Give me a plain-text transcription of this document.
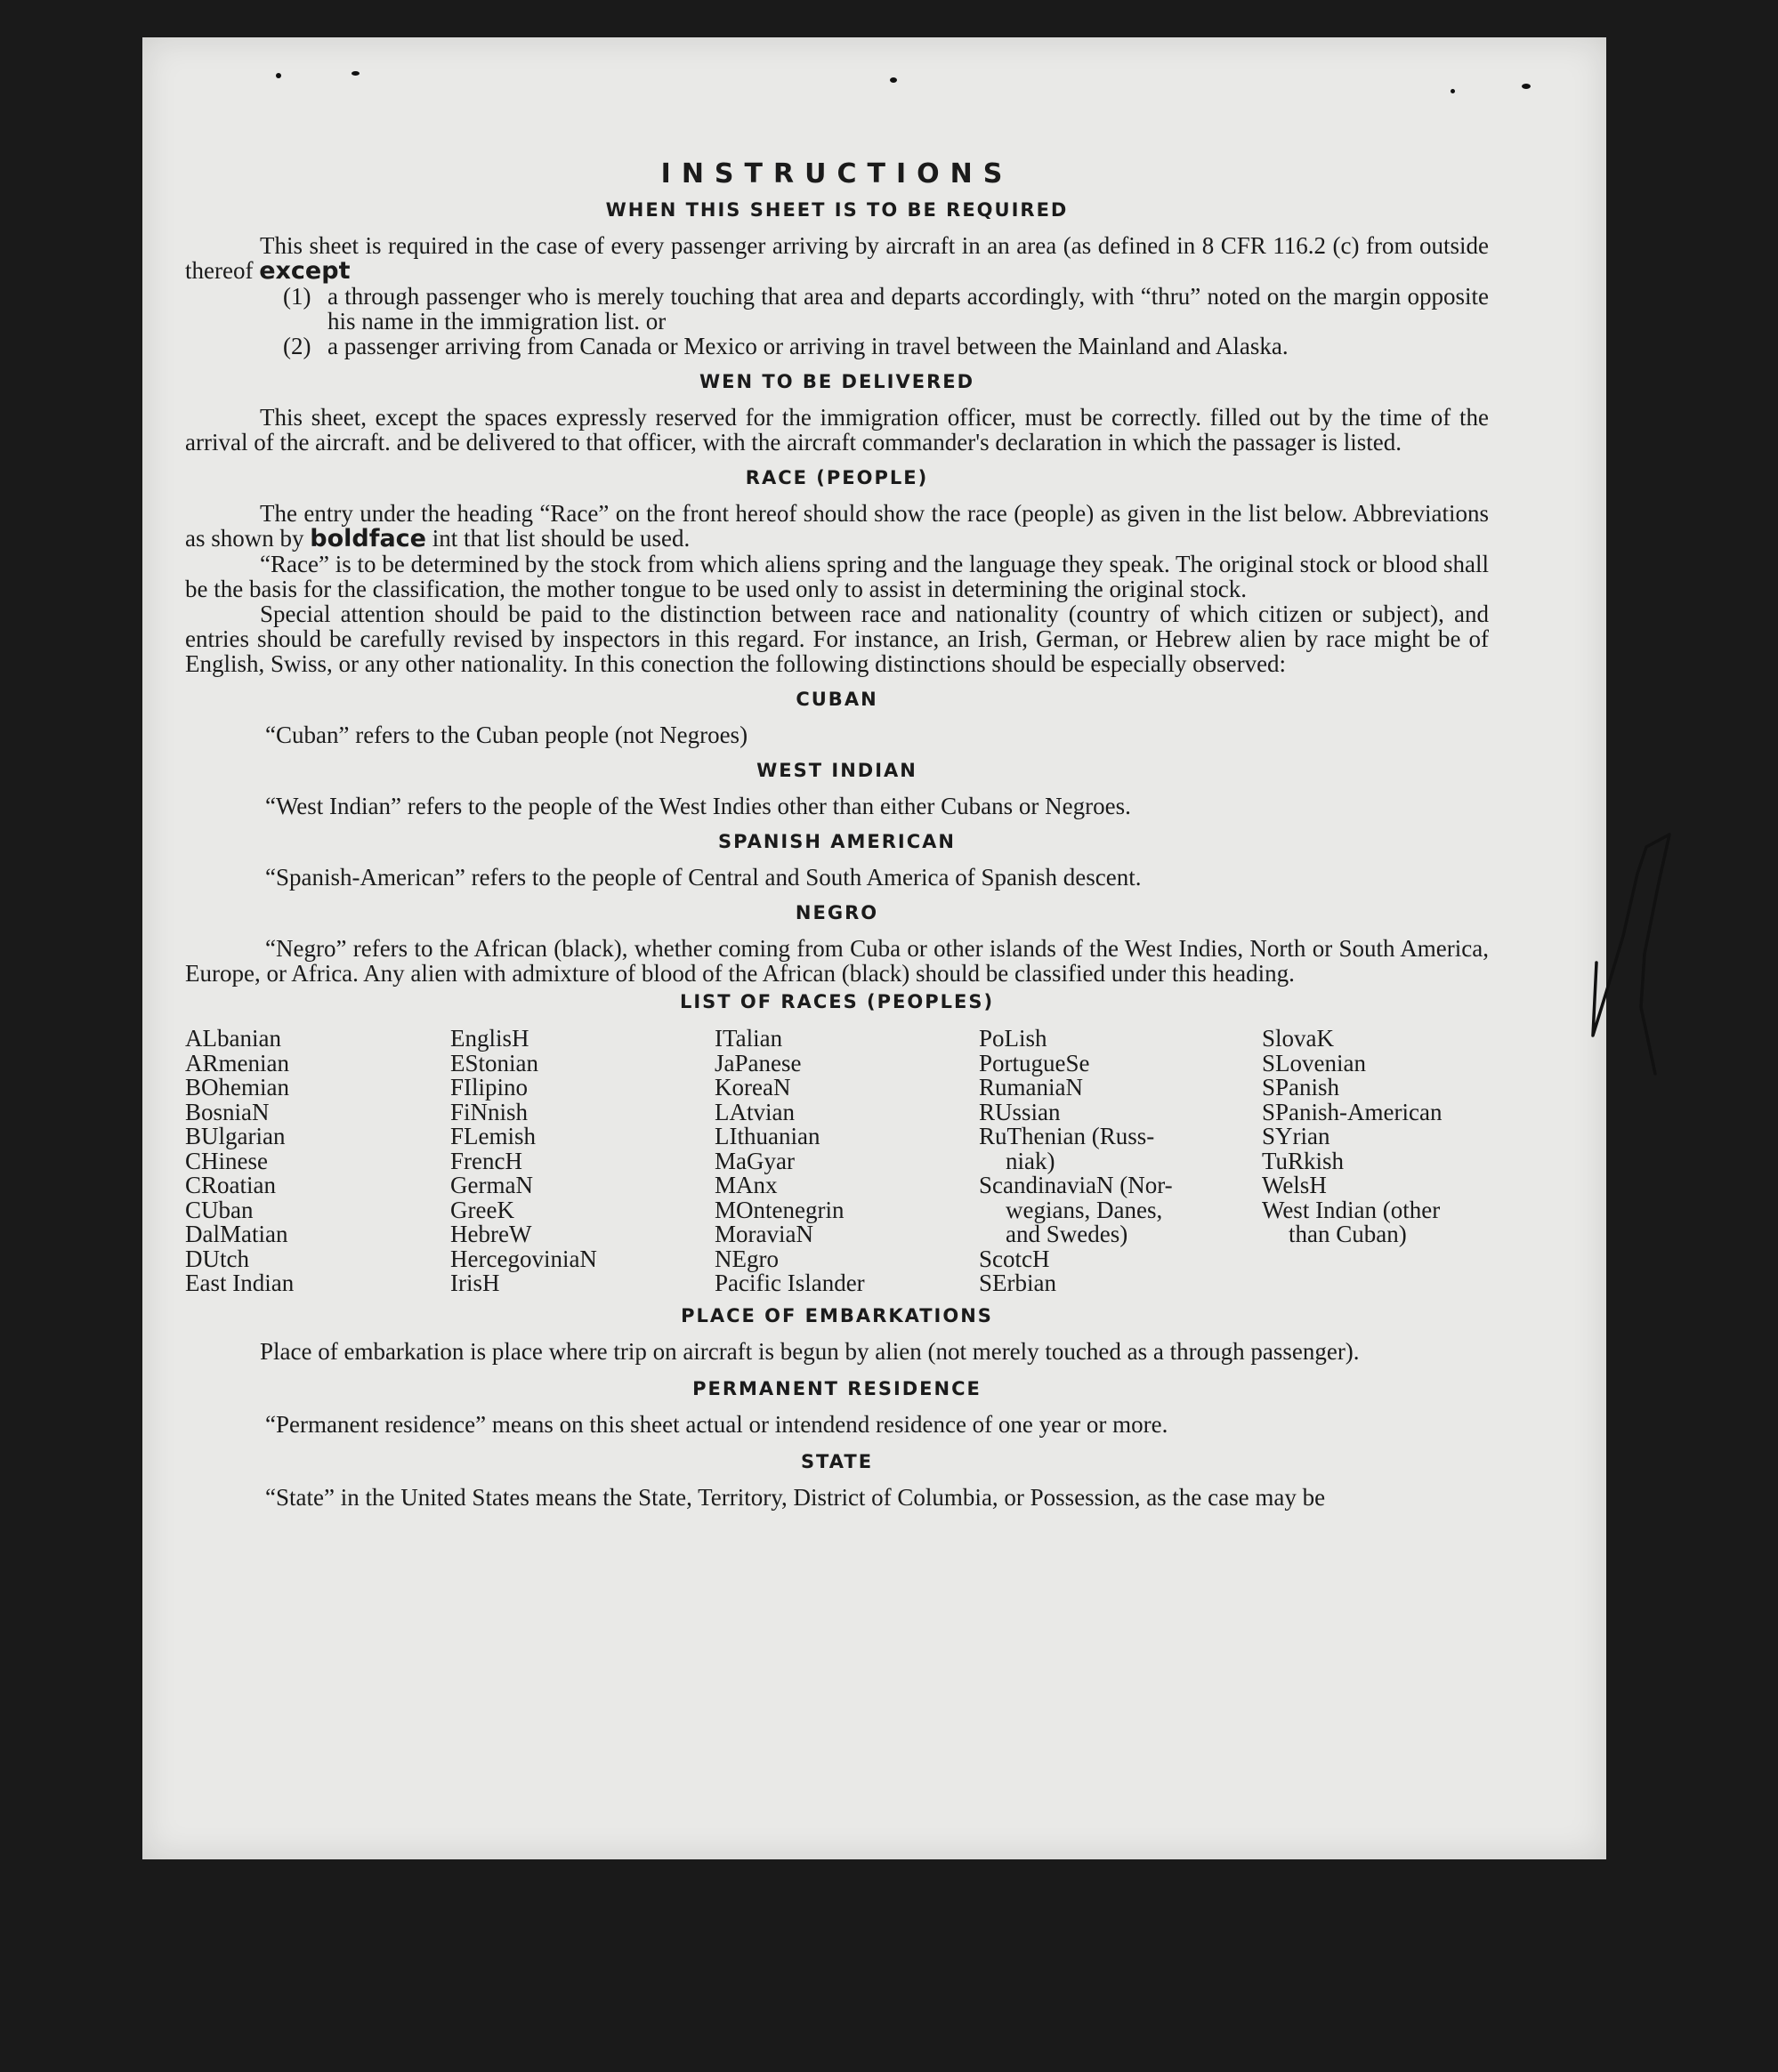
INSTRUCTIONS
WHEN THIS SHEET IS TO BE REQUIRED

This sheet is required in the case of every passenger arriving by aircraft in an area (as defined in 8 CFR 116.2 (c) from outside thereof except

(1) a through passenger who is merely touching that area and departs accordingly, with “thru” noted on the margin opposite his name in the immigration list. or
(2) a passenger arriving from Canada or Mexico or arriving in travel between the Mainland and Alaska.
WEN TO BE DELIVERED

This sheet, except the spaces expressly reserved for the immigration officer, must be correctly. filled out by the time of the arrival of the aircraft. and be delivered to that officer, with the aircraft commander's declaration in which the passager is listed.

RACE (PEOPLE)

The entry under the heading “Race” on the front hereof should show the race (people) as given in the list below. Abbreviations as shown by boldface int that list should be used.

“Race” is to be determined by the stock from which aliens spring and the language they speak. The original stock or blood shall be the basis for the classification, the mother tongue to be used only to assist in determining the original stock.

Special attention should be paid to the distinction between race and nationality (country of which citizen or subject), and entries should be carefully revised by inspectors in this regard. For instance, an Irish, German, or Hebrew alien by race might be of English, Swiss, or any other nationality. In this conection the following distinctions should be especially observed:

CUBAN

“Cuban” refers to the Cuban people (not Negroes)

WEST INDIAN

“West Indian” refers to the people of the West Indies other than either Cubans or Negroes.

SPANISH AMERICAN

“Spanish-American” refers to the people of Central and South America of Spanish descent.

NEGRO

“Negro” refers to the African (black), whether coming from Cuba or other islands of the West Indies, North or South America, Europe, or Africa. Any alien with admixture of blood of the African (black) should be classified under this heading.

LIST OF RACES (PEOPLES)
ALbanian
ARmenian
BOhemian
BosniaN
BUlgarian
CHinese
CRoatian
CUban
DalMatian
DUtch
East Indian
EnglisH
EStonian
FIlipino
FiNnish
FLemish
FrencH
GermaN
GreeK
HebreW
HercegoviniaN
IrisH
ITalian
JaPanese
KoreaN
LAtvian
LIthuanian
MaGyar
MAnx
MOntenegrin
MoraviaN
NEgro
Pacific Islander
PoLish
PortugueSe
RumaniaN
RUssian
RuThenian (Russ-
niak)
ScandinaviaN (Nor-
wegians, Danes,
and Swedes)
ScotcH
SErbian
SlovaK
SLovenian
SPanish
SPanish-American
SYrian
TuRkish
WelsH
West Indian (other
than Cuban)
PLACE OF EMBARKATIONS

Place of embarkation is place where trip on aircraft is begun by alien (not merely touched as a through passenger).

PERMANENT RESIDENCE

“Permanent residence” means on this sheet actual or intendend residence of one year or more.

STATE

“State” in the United States means the State, Territory, District of Columbia, or Possession, as the case may be
